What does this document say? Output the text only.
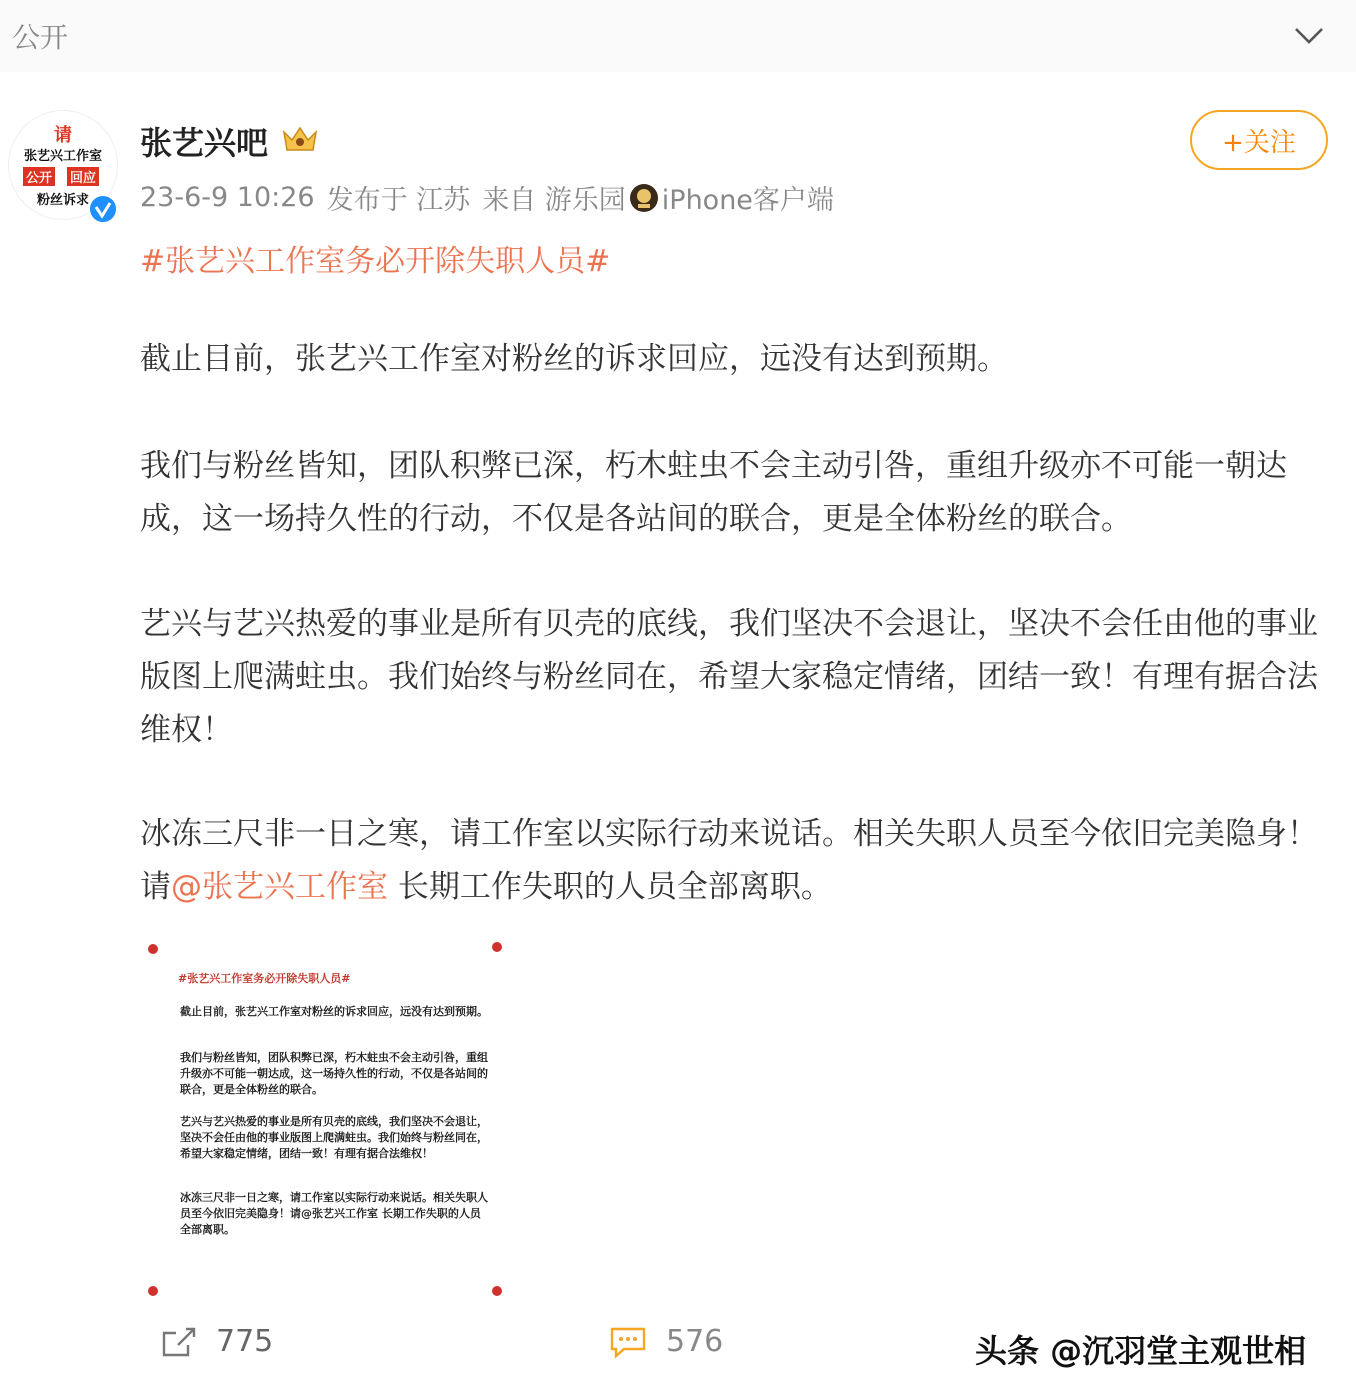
公开
请
张艺兴工作室
公开 回应
粉丝诉求
张艺兴吧	+关注
23-6-9 10:26 发布于 江苏 来自 游乐园 iPhone客户端
#张艺兴工作室务必开除失职人员#
截止目前，张艺兴工作室对粉丝的诉求回应，远没有达到预期。
我们与粉丝皆知，团队积弊已深，朽木蛀虫不会主动引咎，重组升级亦不可能一朝达成，这一场持久性的行动，不仅是各站间的联合，更是全体粉丝的联合。
艺兴与艺兴热爱的事业是所有贝壳的底线，我们坚决不会退让，坚决不会任由他的事业版图上爬满蛀虫。我们始终与粉丝同在，希望大家稳定情绪，团结一致！有理有据合法维权！
冰冻三尺非一日之寒，请工作室以实际行动来说话。相关失职人员至今依旧完美隐身！请@张艺兴工作室 长期工作失职的人员全部离职。
#张艺兴工作室务必开除失职人员#
截止目前，张艺兴工作室对粉丝的诉求回应，远没有达到预期。
我们与粉丝皆知，团队积弊已深，朽木蛀虫不会主动引咎，重组升级亦不可能一朝达成，这一场持久性的行动，不仅是各站间的联合，更是全体粉丝的联合。
艺兴与艺兴热爱的事业是所有贝壳的底线，我们坚决不会退让，坚决不会任由他的事业版图上爬满蛀虫。我们始终与粉丝同在，希望大家稳定情绪，团结一致！有理有据合法维权！
冰冻三尺非一日之寒，请工作室以实际行动来说话。相关失职人员至今依旧完美隐身！请@张艺兴工作室 长期工作失职的人员全部离职。
775	576	头条 @沉羽堂主观世相
